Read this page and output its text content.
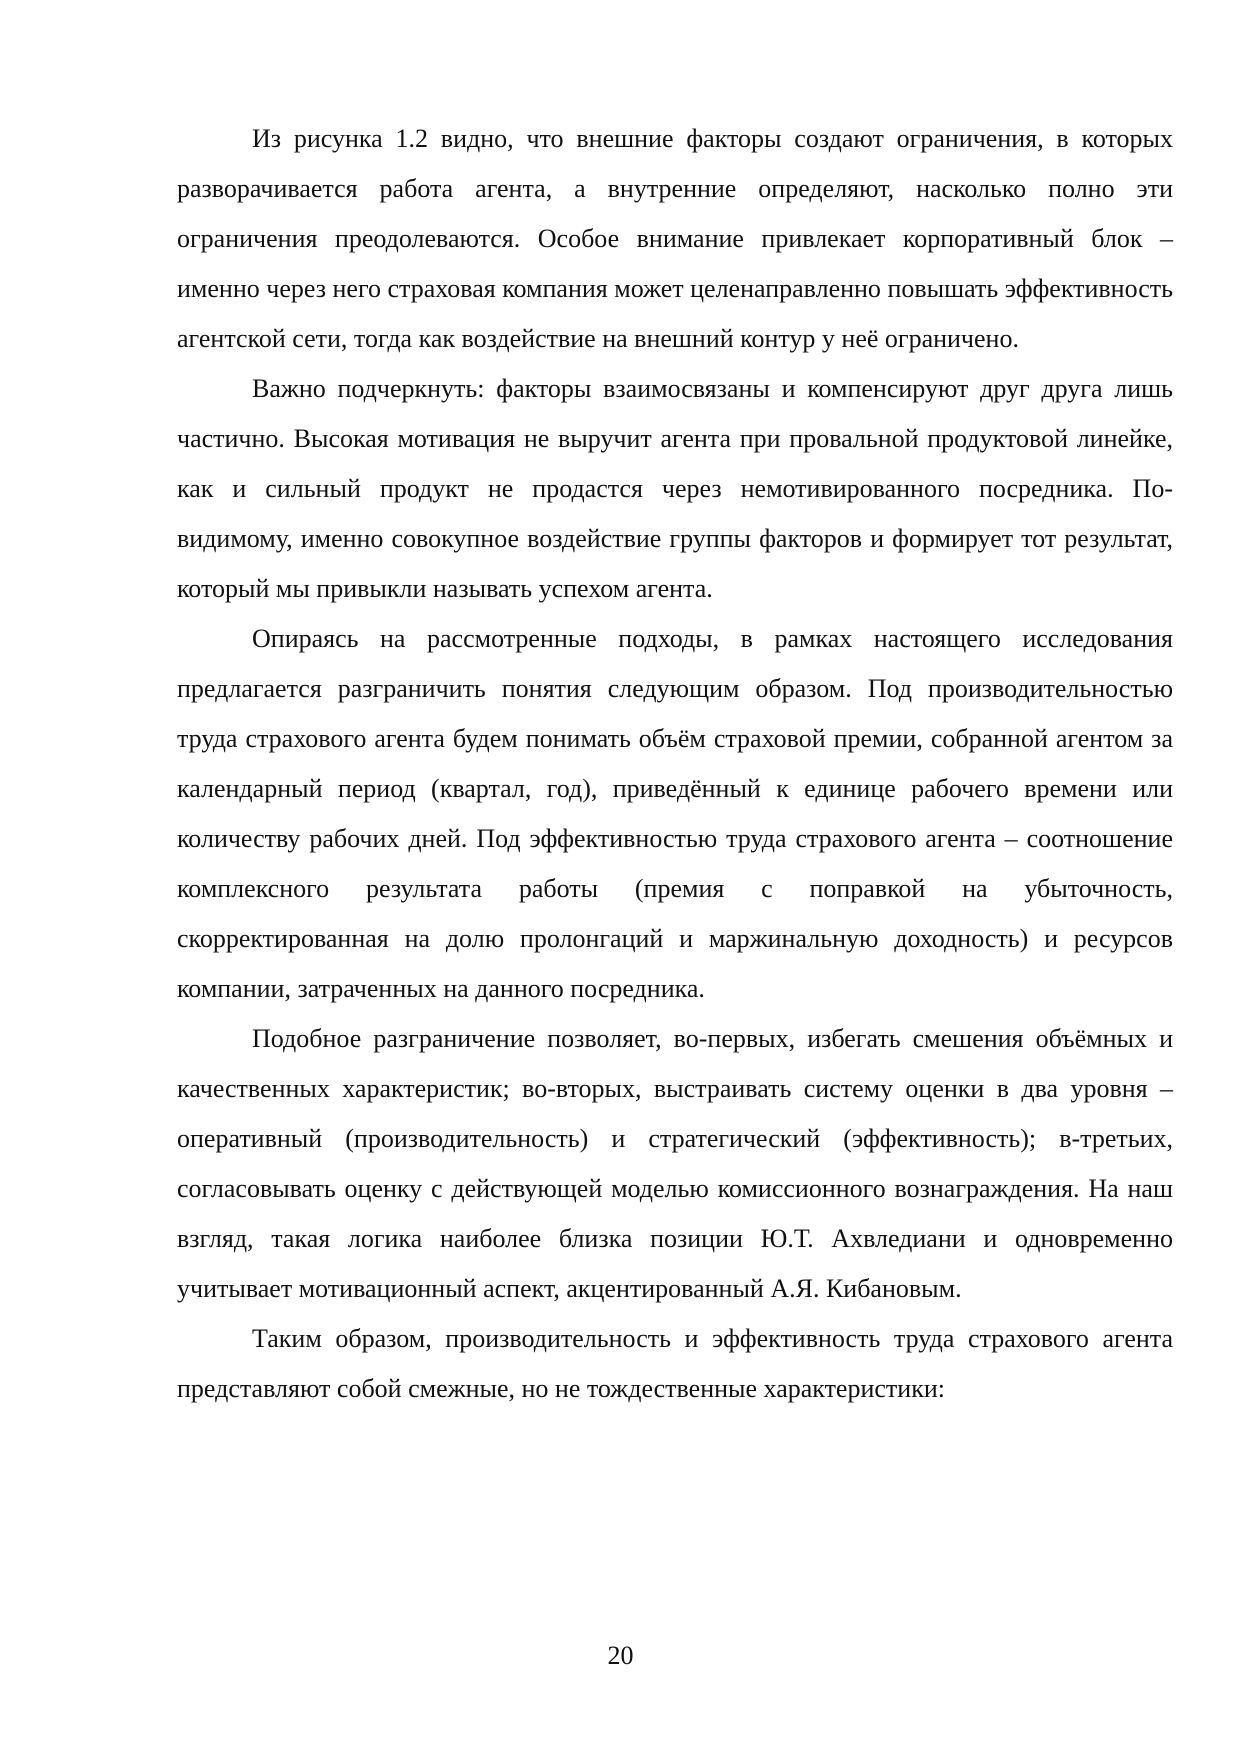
Из рисунка 1.2 видно, что внешние факторы создают ограничения, в которых разворачивается работа агента, а внутренние определяют, насколько полно эти ограничения преодолеваются. Особое внимание привлекает корпоративный блок – именно через него страховая компания может целенаправленно повышать эффективность агентской сети, тогда как воздействие на внешний контур у неё ограничено.

Важно подчеркнуть: факторы взаимосвязаны и компенсируют друг друга лишь частично. Высокая мотивация не выручит агента при провальной продуктовой линейке, как и сильный продукт не продастся через немотивированного посредника. По-видимому, именно совокупное воздействие группы факторов и формирует тот результат, который мы привыкли называть успехом агента.

Опираясь на рассмотренные подходы, в рамках настоящего исследования предлагается разграничить понятия следующим образом. Под производительностью труда страхового агента будем понимать объём страховой премии, собранной агентом за календарный период (квартал, год), приведённый к единице рабочего времени или количеству рабочих дней. Под эффективностью труда страхового агента – соотношение комплексного результата работы (премия с поправкой на убыточность, скорректированная на долю пролонгаций и маржинальную доходность) и ресурсов компании, затраченных на данного посредника.

Подобное разграничение позволяет, во-первых, избегать смешения объёмных и качественных характеристик; во-вторых, выстраивать систему оценки в два уровня – оперативный (производительность) и стратегический (эффективность); в-третьих, согласовывать оценку с действующей моделью комиссионного вознаграждения. На наш взгляд, такая логика наиболее близка позиции Ю.Т. Ахвледиани и одновременно учитывает мотивационный аспект, акцентированный А.Я. Кибановым.

Таким образом, производительность и эффективность труда страхового агента представляют собой смежные, но не тождественные характеристики:

20
